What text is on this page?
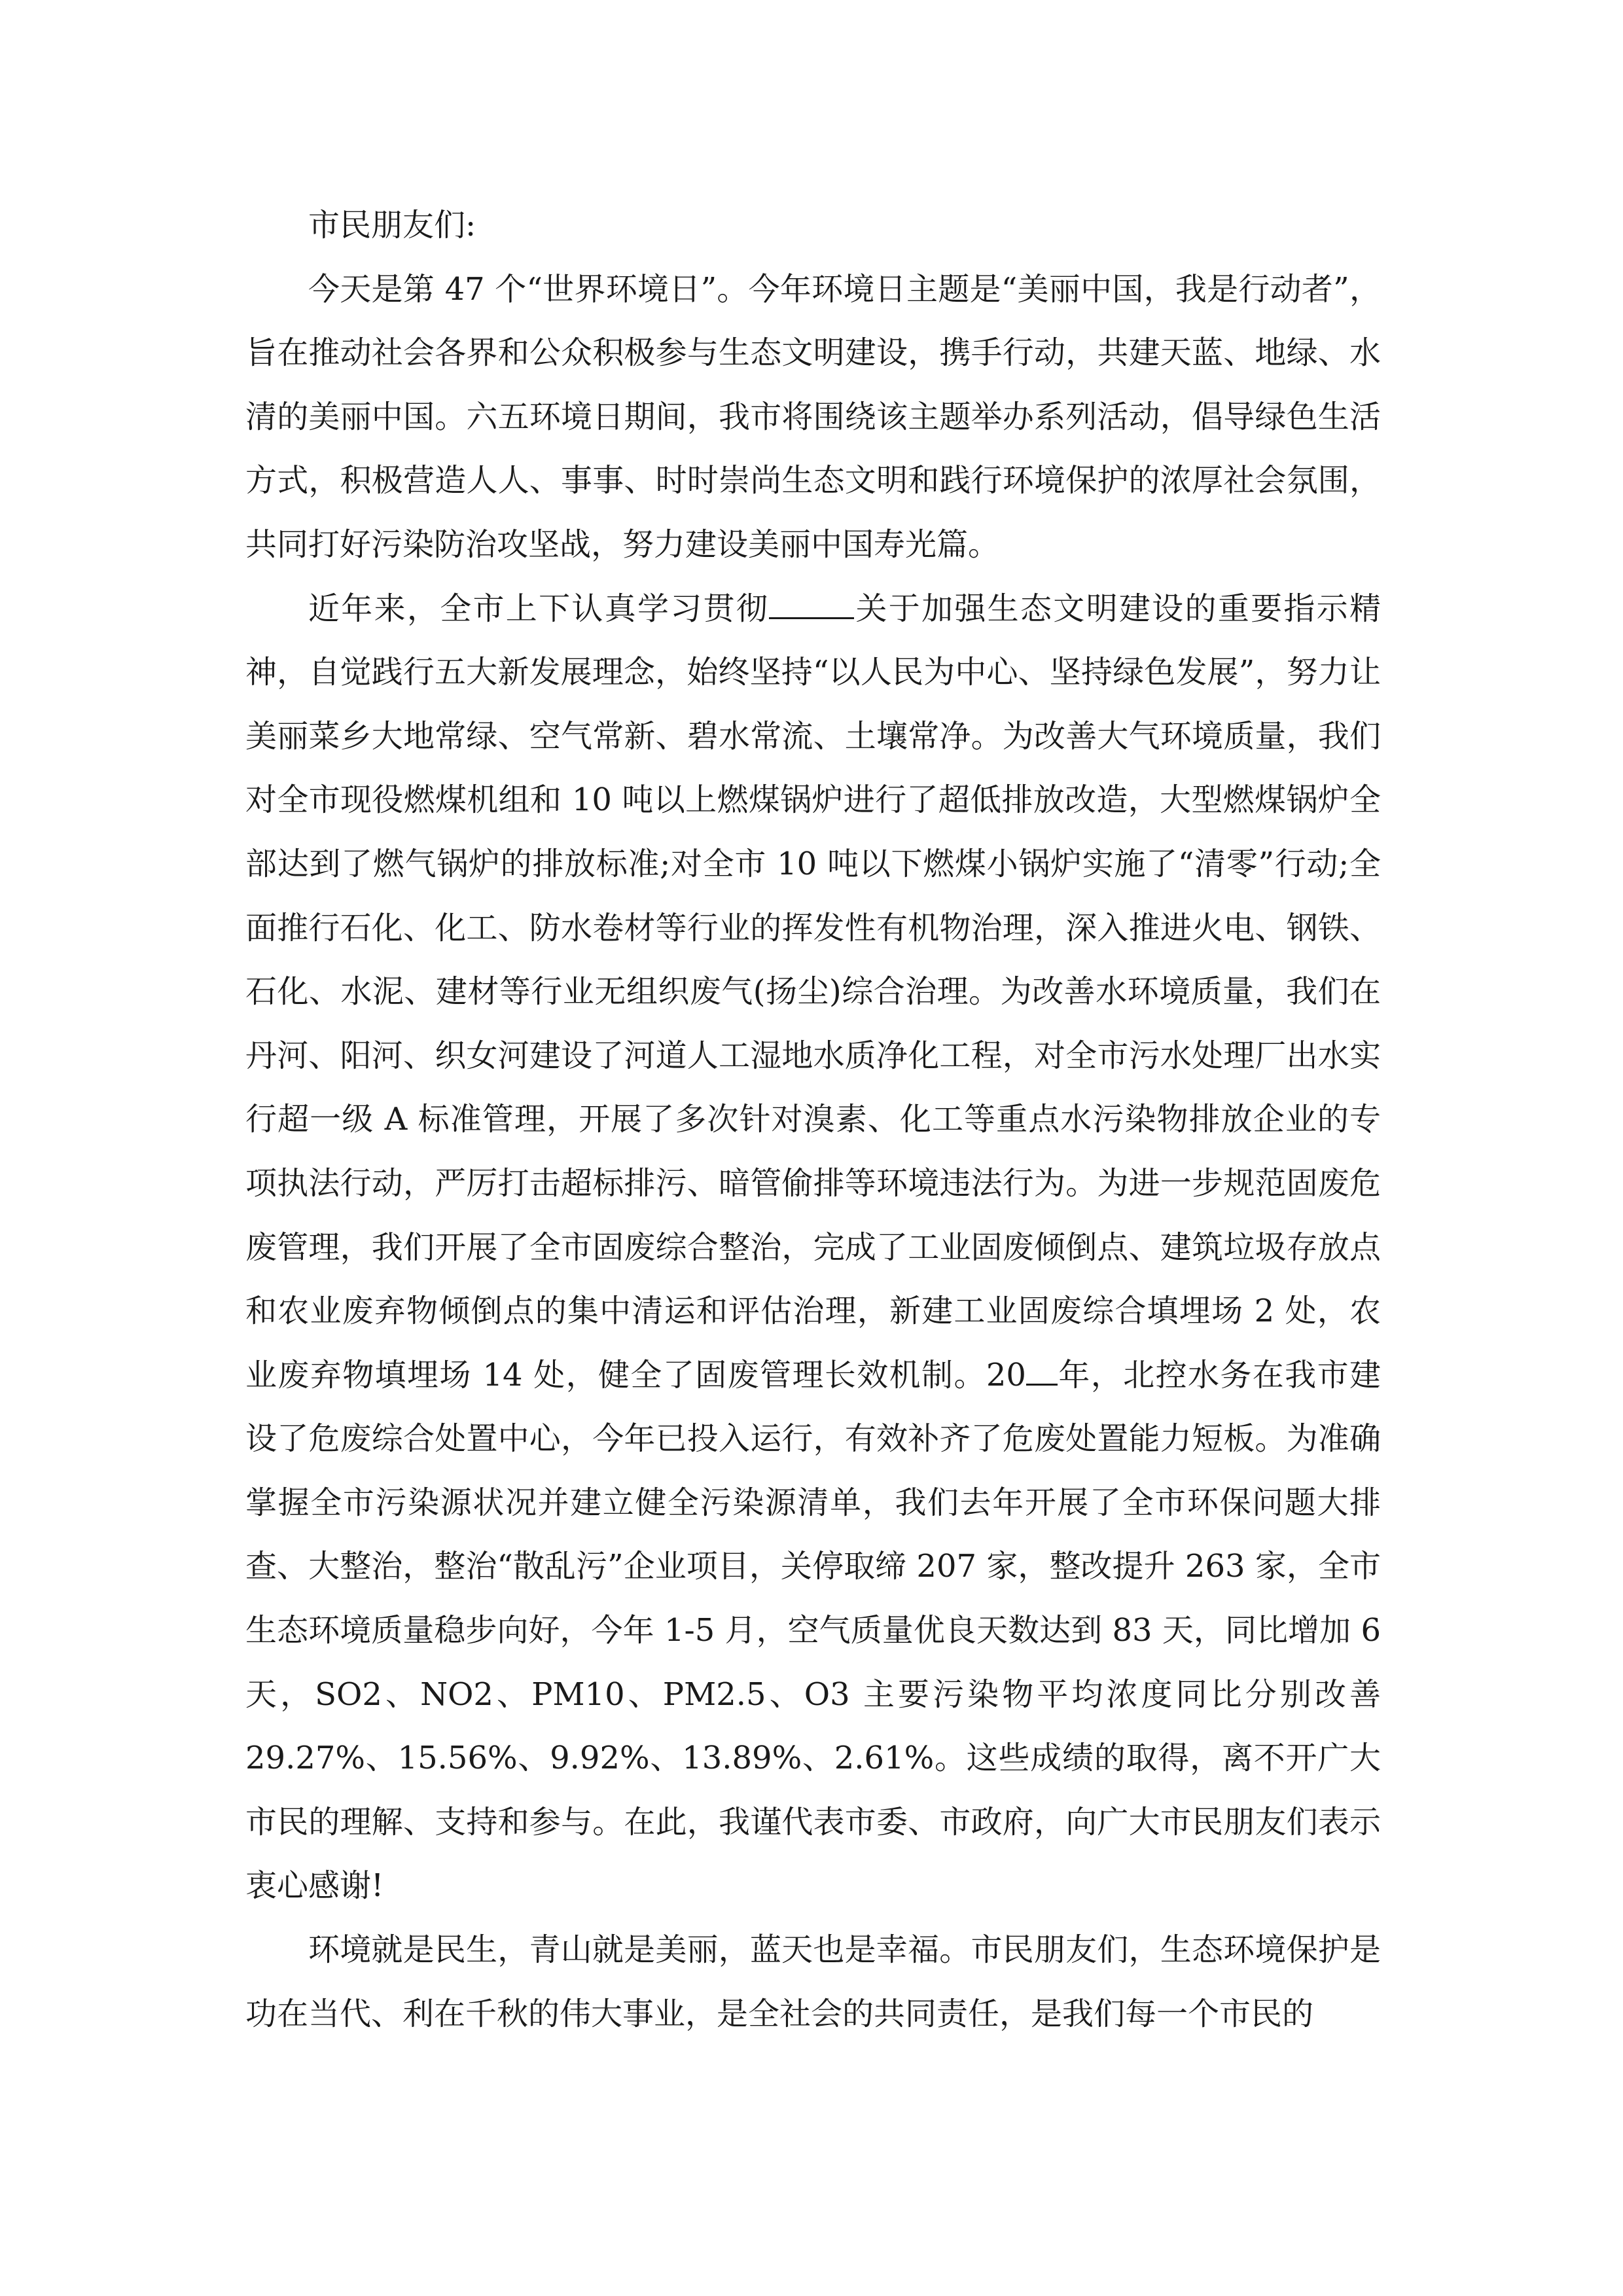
市民朋友们:

今天是第 47 个“世界环境日”。今年环境日主题是“美丽中国，我是行动者”，旨在推动社会各界和公众积极参与生态文明建设，携手行动，共建天蓝、地绿、水清的美丽中国。六五环境日期间，我市将围绕该主题举办系列活动，倡导绿色生活方式，积极营造人人、事事、时时崇尚生态文明和践行环境保护的浓厚社会氛围，共同打好污染防治攻坚战，努力建设美丽中国寿光篇。

近年来，全市上下认真学习贯彻	关于加强生态文明建设的重要指示精神，自觉践行五大新发展理念，始终坚持“以人民为中心、坚持绿色发展”，努力让美丽菜乡大地常绿、空气常新、碧水常流、土壤常净。为改善大气环境质量，我们对全市现役燃煤机组和 10 吨以上燃煤锅炉进行了超低排放改造，大型燃煤锅炉全部达到了燃气锅炉的排放标准;对全市 10 吨以下燃煤小锅炉实施了“清零”行动;全面推行石化、化工、防水卷材等行业的挥发性有机物治理，深入推进火电、钢铁、石化、水泥、建材等行业无组织废气(扬尘)综合治理。为改善水环境质量，我们在丹河、阳河、织女河建设了河道人工湿地水质净化工程，对全市污水处理厂出水实行超一级 A 标准管理，开展了多次针对溴素、化工等重点水污染物排放企业的专项执法行动，严厉打击超标排污、暗管偷排等环境违法行为。为进一步规范固废危废管理，我们开展了全市固废综合整治，完成了工业固废倾倒点、建筑垃圾存放点和农业废弃物倾倒点的集中清运和评估治理，新建工业固废综合填埋场 2 处，农业废弃物填埋场 14 处，健全了固废管理长效机制。20 年，北控水务在我市建设了危废综合处置中心，今年已投入运行，有效补齐了危废处置能力短板。为准确掌握全市污染源状况并建立健全污染源清单，我们去年开展了全市环保问题大排查、大整治，整治“散乱污”企业项目，关停取缔 207 家，整改提升 263 家，全市生态环境质量稳步向好，今年 1-5 月，空气质量优良天数达到 83 天，同比增加 6 天，SO2、NO2、PM10、PM2.5、O3 主要污染物平均浓度同比分别改善 29.27%、15.56%、9.92%、13.89%、2.61%。这些成绩的取得，离不开广大市民的理解、支持和参与。在此，我谨代表市委、市政府，向广大市民朋友们表示衷心感谢!

环境就是民生，青山就是美丽，蓝天也是幸福。市民朋友们，生态环境保护是功在当代、利在千秋的伟大事业，是全社会的共同责任，是我们每一个市民的
